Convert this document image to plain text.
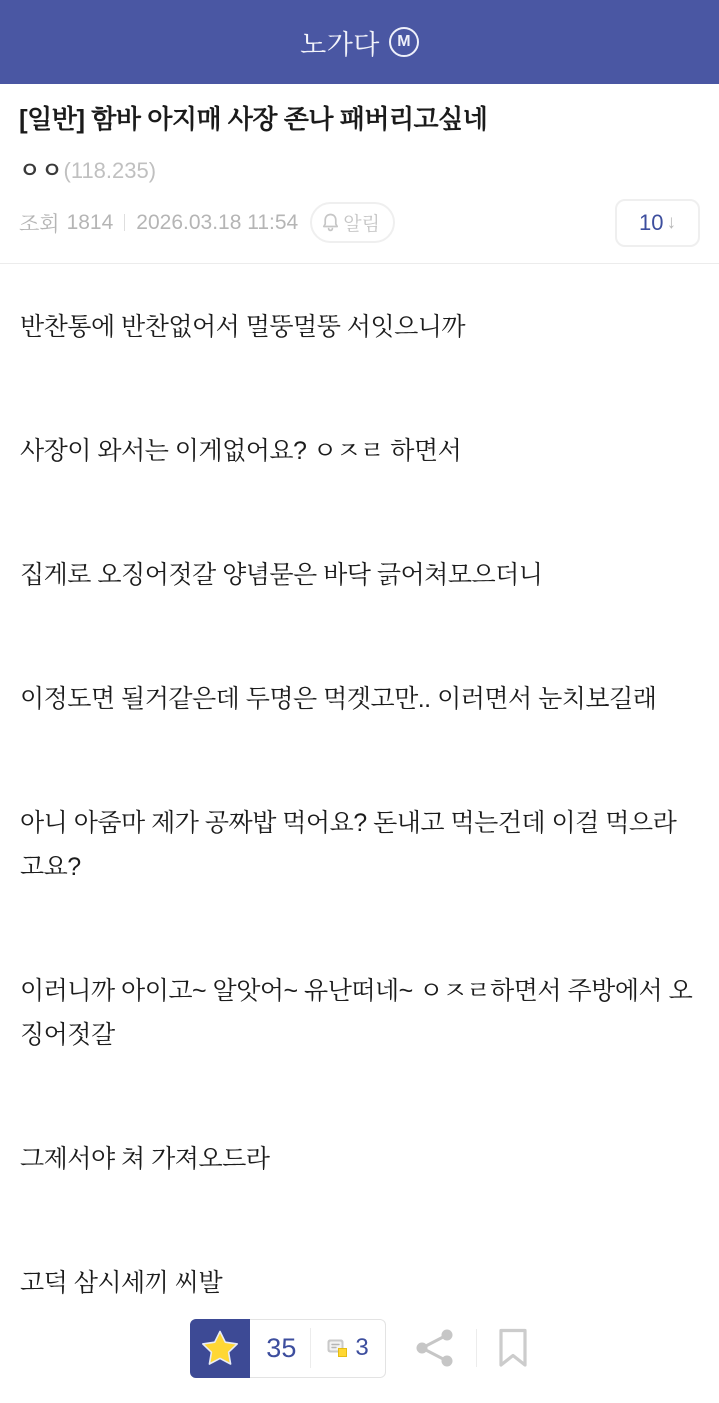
노가다 M
[일반] 함바 아지매 사장 존나 패버리고싶네
ㅇㅇ (118.235)
조회 1814 2026.03.18 11:54 알림	10 ↓

반찬통에 반찬없어서 멀뚱멀뚱 서잇으니까

사장이 와서는 이게없어요? ㅇㅈㄹ 하면서

집게로 오징어젓갈 양념묻은 바닥 긁어쳐모으더니

이정도면 될거같은데 두명은 먹겟고만.. 이러면서 눈치보길래

아니 아줌마 제가 공짜밥 먹어요? 돈내고 먹는건데 이걸 먹으라고요?

이러니까 아이고~ 알앗어~ 유난떠네~ ㅇㅈㄹ하면서 주방에서 오징어젓갈

그제서야 쳐 가져오드라

고덕 삼시세끼 씨발

35 3
